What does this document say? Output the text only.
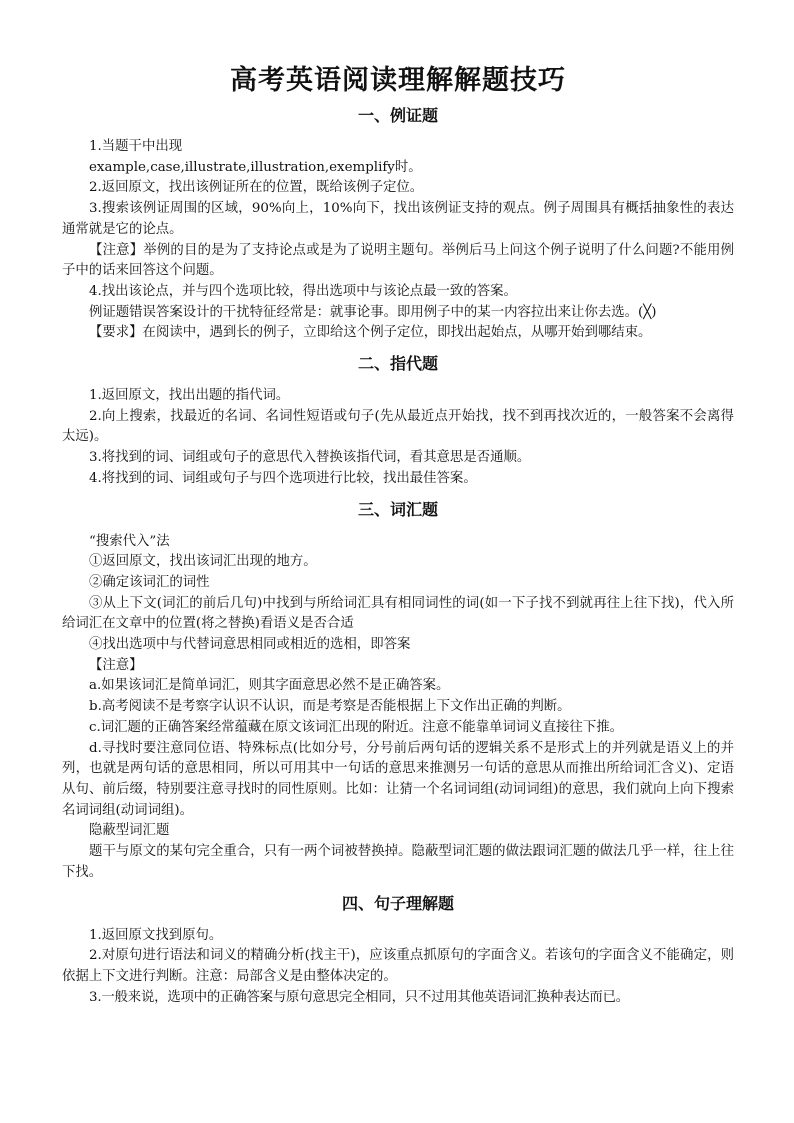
高考英语阅读理解解题技巧
一、例证题

1.当题干中出现

example,case,illustrate,illustration,exemplify时。

2.返回原文，找出该例证所在的位置，既给该例子定位。

3.搜索该例证周围的区域，90%向上，10%向下，找出该例证支持的观点。例子周围具有概括抽象性的表达通常就是它的论点。

【注意】举例的目的是为了支持论点或是为了说明主题句。举例后马上问这个例子说明了什么问题?不能用例子中的话来回答这个问题。

4.找出该论点，并与四个选项比较，得出选项中与该论点最一致的答案。

例证题错误答案设计的干扰特征经常是：就事论事。即用例子中的某一内容拉出来让你去选。(╳)

【要求】在阅读中，遇到长的例子，立即给这个例子定位，即找出起始点，从哪开始到哪结束。

二、指代题

1.返回原文，找出出题的指代词。

2.向上搜索，找最近的名词、名词性短语或句子(先从最近点开始找，找不到再找次近的，一般答案不会离得太远)。

3.将找到的词、词组或句子的意思代入替换该指代词，看其意思是否通顺。

4.将找到的词、词组或句子与四个选项进行比较，找出最佳答案。

三、词汇题

“搜索代入”法

①返回原文，找出该词汇出现的地方。

②确定该词汇的词性

③从上下文(词汇的前后几句)中找到与所给词汇具有相同词性的词(如一下子找不到就再往上往下找)，代入所给词汇在文章中的位置(将之替换)看语义是否合适

④找出选项中与代替词意思相同或相近的选相，即答案

【注意】

a.如果该词汇是简单词汇，则其字面意思必然不是正确答案。

b.高考阅读不是考察字认识不认识，而是考察是否能根据上下文作出正确的判断。

c.词汇题的正确答案经常蕴藏在原文该词汇出现的附近。注意不能靠单词词义直接往下推。

d.寻找时要注意同位语、特殊标点(比如分号，分号前后两句话的逻辑关系不是形式上的并列就是语义上的并列，也就是两句话的意思相同，所以可用其中一句话的意思来推测另一句话的意思从而推出所给词汇含义)、定语从句、前后缀，特别要注意寻找时的同性原则。比如：让猜一个名词词组(动词词组)的意思，我们就向上向下搜索名词词组(动词词组)。

隐蔽型词汇题

题干与原文的某句完全重合，只有一两个词被替换掉。隐蔽型词汇题的做法跟词汇题的做法几乎一样，往上往下找。

四、句子理解题

1.返回原文找到原句。

2.对原句进行语法和词义的精确分析(找主干)，应该重点抓原句的字面含义。若该句的字面含义不能确定，则依据上下文进行判断。注意：局部含义是由整体决定的。

3.一般来说，选项中的正确答案与原句意思完全相同，只不过用其他英语词汇换种表达而已。
